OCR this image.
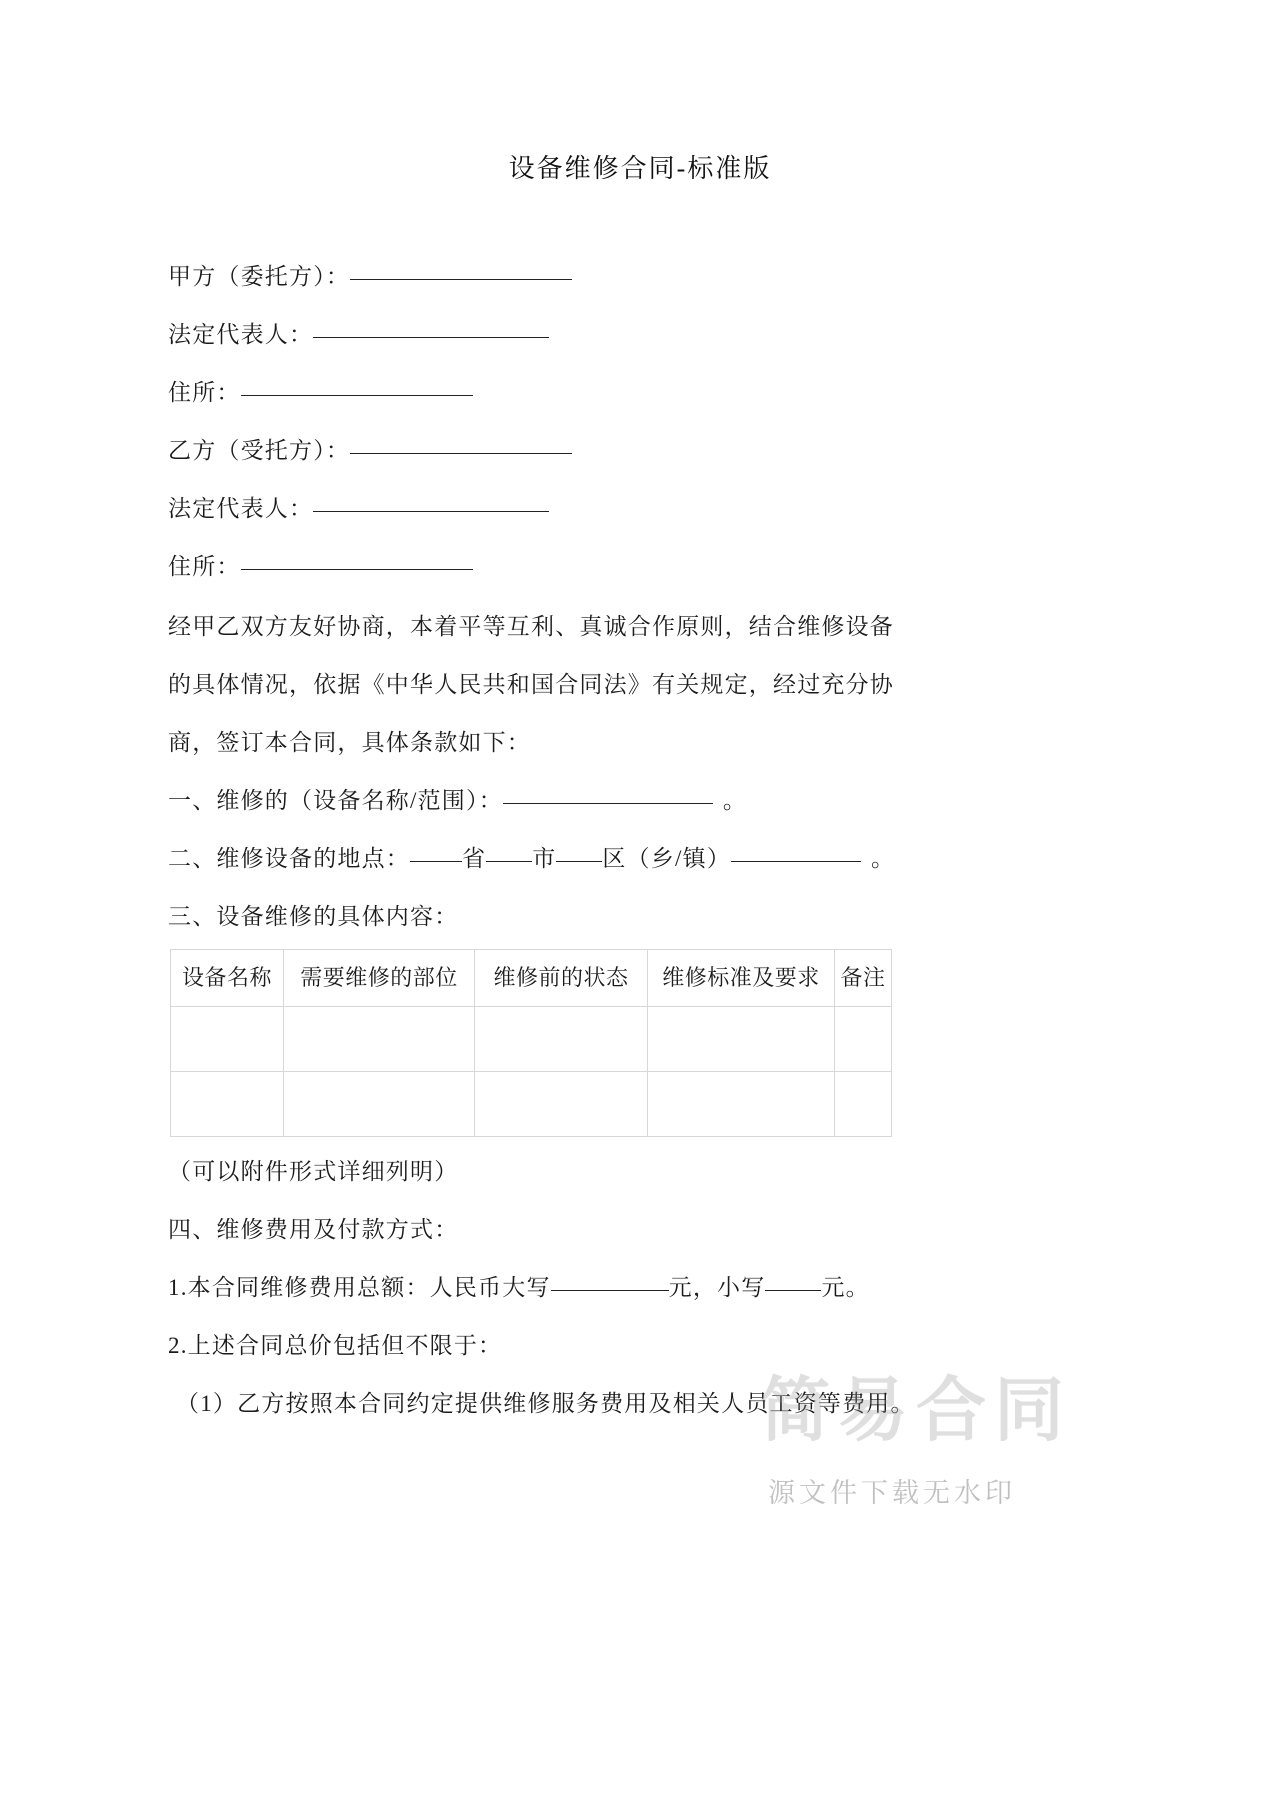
设备维修合同-标准版
甲方（委托方）：
法定代表人：
住所：
乙方（受托方）：
法定代表人：
住所：
经甲乙双方友好协商，本着平等互利、真诚合作原则，结合维修设备
的具体情况，依据《中华人民共和国合同法》有关规定，经过充分协
商，签订本合同，具体条款如下：
一、维修的（设备名称/范围）：	。
二、维修设备的地点： 省 市 区（乡/镇）	。
三、设备维修的具体内容：
设备名称	需要维修的部位	维修前的状态	维修标准及要求	备注

（可以附件形式详细列明）
四、维修费用及付款方式：
1.本合同维修费用总额：人民币大写	元，小写 元。
2.上述合同总价包括但不限于：
（1）乙方按照本合同约定提供维修服务费用及相关人员工资等费用。
简易合同
源文件下载无水印
